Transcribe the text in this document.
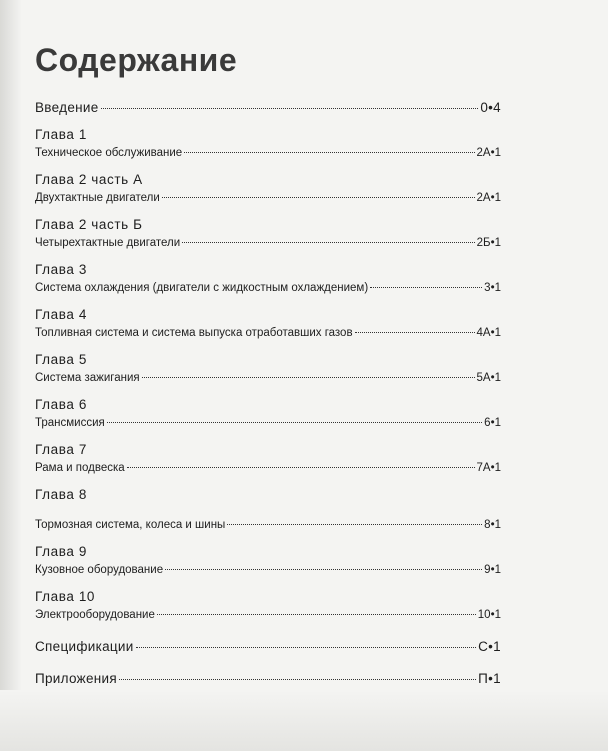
Содержание
Введение	0•4
Глава 1
Техническое обслуживание	2А•1
Глава 2 часть А
Двухтактные двигатели	2А•1
Глава 2 часть Б
Четырехтактные двигатели	2Б•1
Глава 3
Система охлаждения (двигатели с жидкостным охлаждением)	3•1
Глава 4
Топливная система и система выпуска отработавших газов	4А•1
Глава 5
Система зажигания	5А•1
Глава 6
Трансмиссия	6•1
Глава 7
Рама и подвеска	7А•1
Глава 8
Тормозная система, колеса и шины	8•1
Глава 9
Кузовное оборудование	9•1
Глава 10
Электрооборудование	10•1
Спецификации	С•1
Приложения	П•1
